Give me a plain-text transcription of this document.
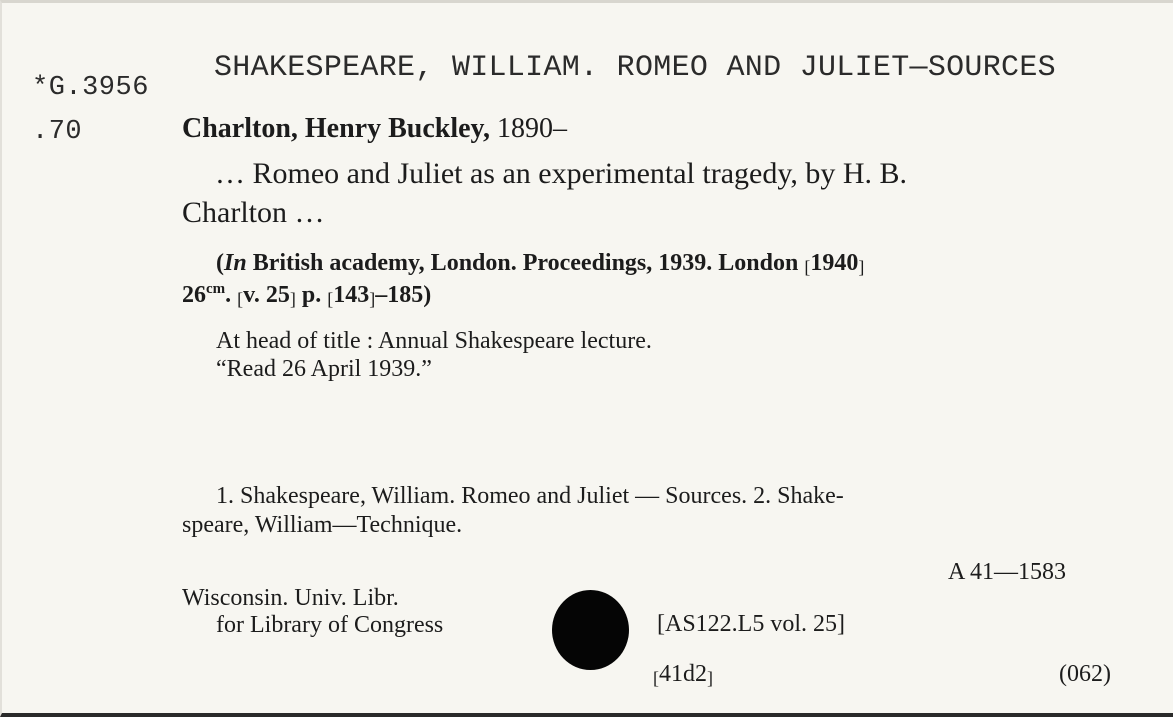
*G.3956
.70
SHAKESPEARE, WILLIAM. ROMEO AND JULIET—SOURCES
Charlton, Henry Buckley, 1890–
… Romeo and Juliet as an experimental tragedy, by H. B.
Charlton …
(In British academy, London. Proceedings, 1939. London [1940]
$26^{cm}$. [v. 25] p. [143]–185)
At head of title : Annual Shakespeare lecture.
“Read 26 April 1939.”
1. Shakespeare, William. Romeo and Juliet — Sources. 2. Shake-
speare, William—Technique.
A 41—1583
Wisconsin. Univ. Libr.
for Library of Congress	[AS122.L5 vol. 25]
[41d2]	(062)
